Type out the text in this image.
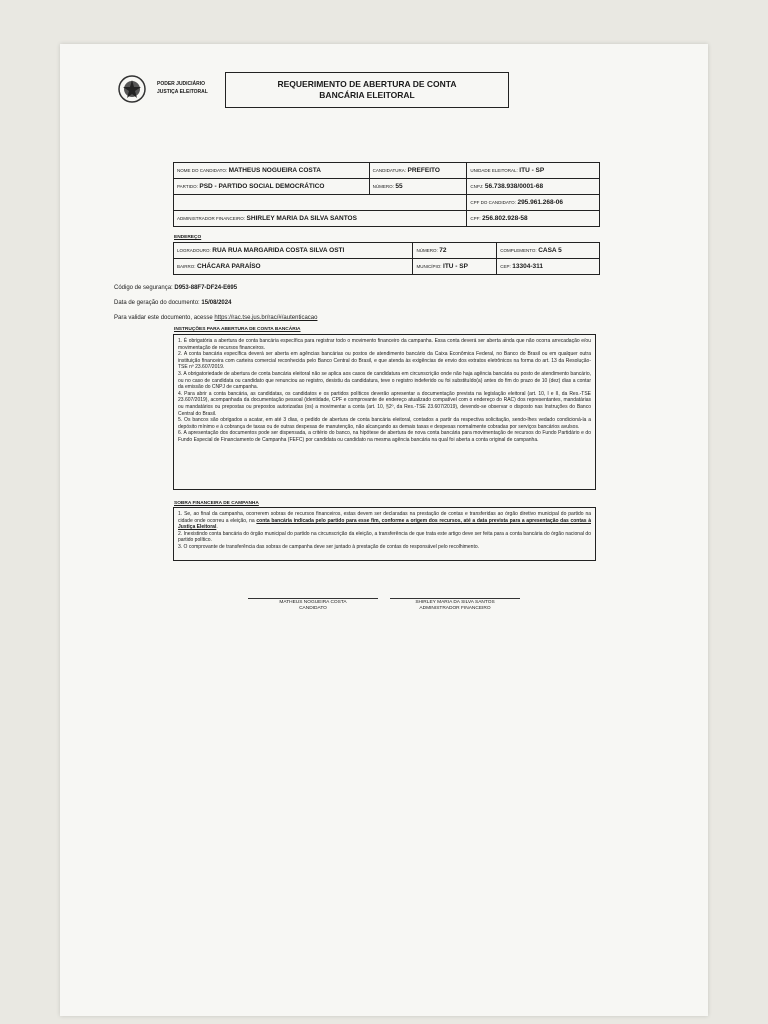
PODER JUDICIÁRIO
JUSTIÇA ELEITORAL
REQUERIMENTO DE ABERTURA DE CONTA
BANCÁRIA ELEITORAL
NOME DO CANDIDATO: MATHEUS NOGUEIRA COSTA	CANDIDATURA: PREFEITO	UNIDADE ELEITORAL: ITU - SP
PARTIDO: PSD - PARTIDO SOCIAL DEMOCRÁTICO	NÚMERO: 55	CNPJ: 56.738.938/0001-68
		CPF DO CANDIDATO: 295.961.268-06
ADMINISTRADOR FINANCEIRO: SHIRLEY MARIA DA SILVA SANTOS		CPF: 256.802.928-58
ENDEREÇO
LOGRADOURO: RUA RUA MARGARIDA COSTA SILVA OSTI	NÚMERO: 72	COMPLEMENTO: CASA 5
BAIRRO: CHÁCARA PARAÍSO	MUNICÍPIO: ITU - SP	CEP: 13304-311
Código de segurança: D953-88F7-DF24-E695
Data de geração do documento: 15/08/2024
Para validar este documento, acesse https://rac.tse.jus.br/rac/#/autenticacao
INSTRUÇÕES PARA ABERTURA DE CONTA BANCÁRIA

1. É obrigatória a abertura de conta bancária específica para registrar todo o movimento financeiro da campanha. Essa conta deverá ser aberta ainda que não ocorra arrecadação e/ou movimentação de recursos financeiros.

2. A conta bancária específica deverá ser aberta em agências bancárias ou postos de atendimento bancário da Caixa Econômica Federal, no Banco do Brasil ou em qualquer outra instituição financeira com carteira comercial reconhecida pelo Banco Central do Brasil, e que atenda às exigências de envio dos extratos eletrônicos na forma do art. 13 da Resolução-TSE nº 23.607/2019.

3. A obrigatoriedade de abertura de conta bancária eleitoral não se aplica aos casos de candidatura em circunscrição onde não haja agência bancária ou posto de atendimento bancário, ou no caso de candidata ou candidato que renunciou ao registro, desistiu da candidatura, teve o registro indeferido ou foi substituído(a) antes do fim do prazo de 10 (dez) dias a contar da emissão do CNPJ de campanha.

4. Para abrir a conta bancária, as candidatas, os candidatos e os partidos políticos deverão apresentar a documentação prevista na legislação eleitoral (art. 10, I e II, da Res.-TSE 23.607/2019), acompanhada da documentação pessoal (identidade, CPF e comprovante de endereço atualizado compatível com o endereço do RAC) dos representantes, mandatárias ou mandatários ou prepostas ou prepostos autorizadas (os) a movimentar a conta (art. 10, §2º, da Res.-TSE 23.607/2019), devendo-se observar o disposto nas Instruções do Banco Central do Brasil.

5. Os bancos são obrigados a acatar, em até 3 dias, o pedido de abertura de conta bancária eleitoral, contados a partir da respectiva solicitação, sendo-lhes vedado condicioná-la a depósito mínimo e à cobrança de taxas ou de outras despesas de manutenção, não alcançando as demais taxas e despesas normalmente cobradas por serviços bancários avulsos.

6. A apresentação dos documentos pode ser dispensada, a critério do banco, na hipótese de abertura de nova conta bancária para movimentação de recursos do Fundo Partidário e do Fundo Especial de Financiamento de Campanha (FEFC) por candidata ou candidato na mesma agência bancária na qual foi aberta a conta original de campanha.

SOBRA FINANCEIRA DE CAMPANHA

1. Se, ao final da campanha, ocorrerem sobras de recursos financeiros, estas devem ser declaradas na prestação de contas e transferidas ao órgão diretivo municipal do partido na cidade onde ocorreu a eleição, na conta bancária indicada pelo partido para esse fim, conforme a origem dos recursos, até a data prevista para a apresentação das contas à Justiça Eleitoral.

2. Inexistindo conta bancária do órgão municipal do partido na circunscrição da eleição, a transferência de que trata este artigo deve ser feita para a conta bancária do órgão nacional do partido político.

3. O comprovante de transferência das sobras de campanha deve ser juntado à prestação de contas do responsável pelo recolhimento.

MATHEUS NOGUEIRA COSTA
CANDIDATO
SHIRLEY MARIA DA SILVA SANTOS
ADMINISTRADOR FINANCEIRO
